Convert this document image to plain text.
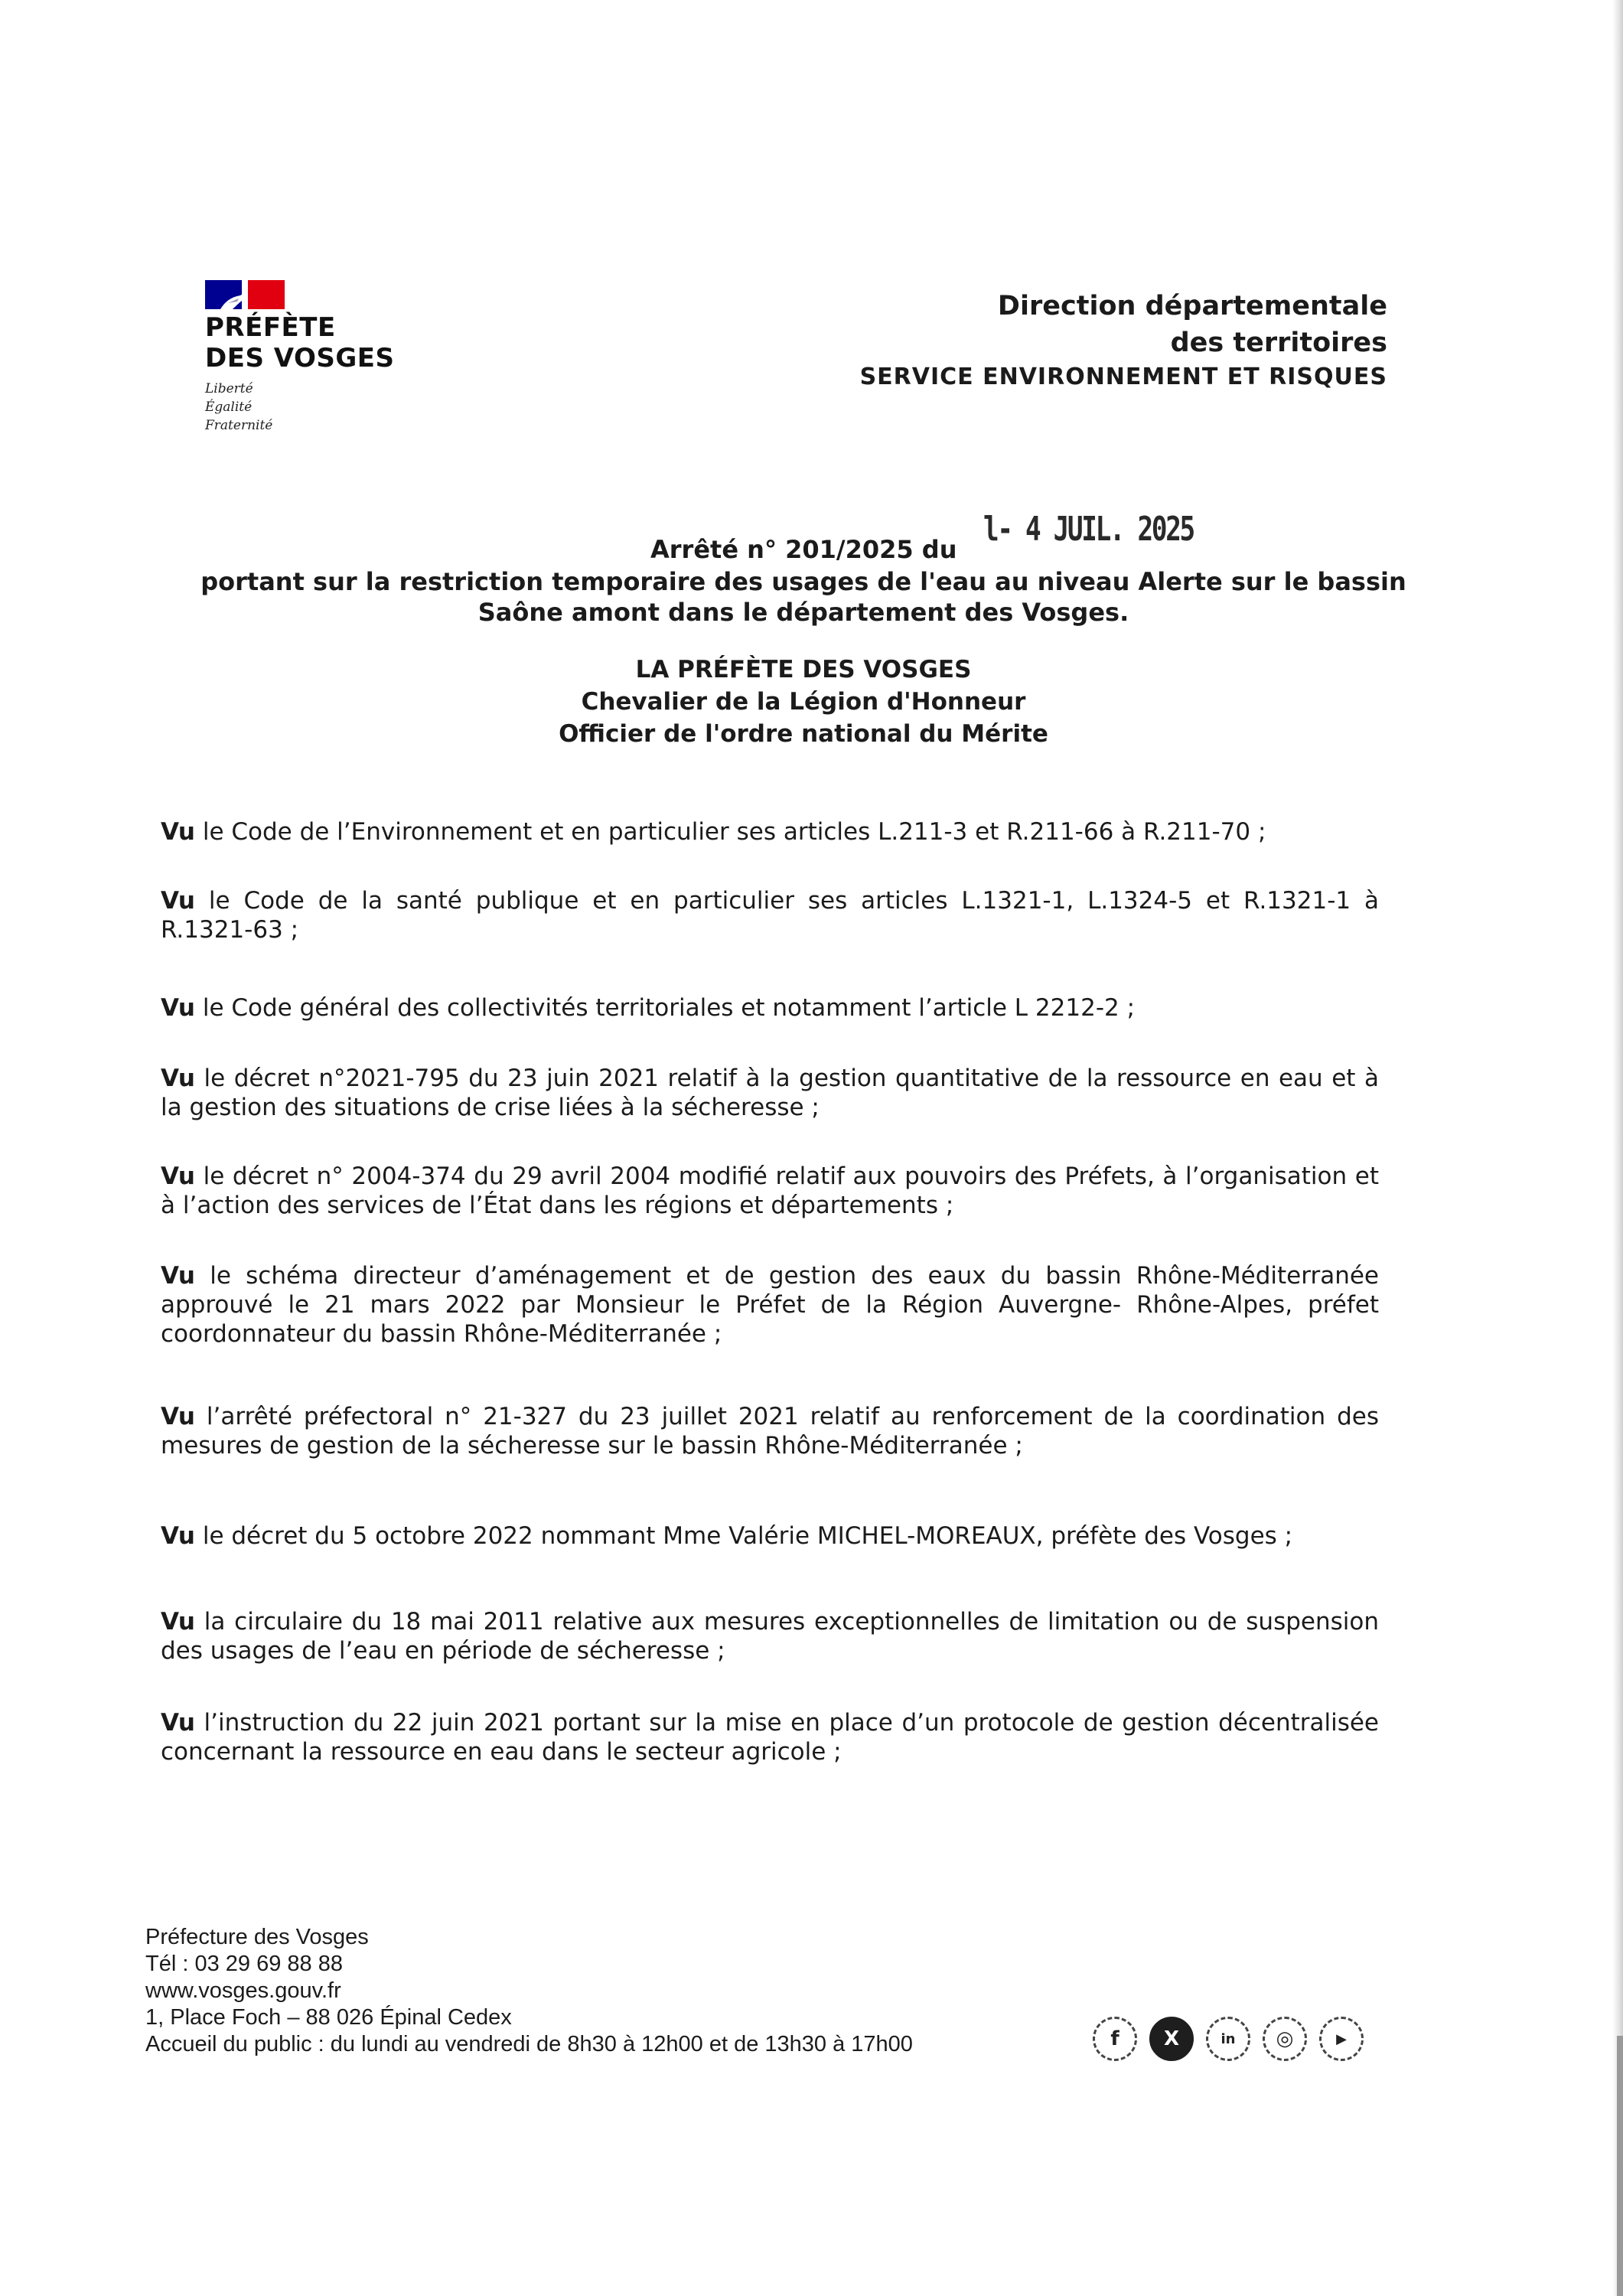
PRÉFÈTE
DES VOSGES
Liberté
Égalité
Fraternité
Direction départementale
des territoires
SERVICE ENVIRONNEMENT ET RISQUES
Arrêté n° 201/2025 du
l- 4 JUIL. 2025
portant sur la restriction temporaire des usages de l'eau au niveau Alerte sur le bassin Saône amont dans le département des Vosges.
LA PRÉFÈTE DES VOSGES
Chevalier de la Légion d'Honneur
Officier de l'ordre national du Mérite

Vu le Code de l’Environnement et en particulier ses articles L.211-3 et R.211-66 à R.211-70 ;

Vu le Code de la santé publique et en particulier ses articles L.1321-1, L.1324-5 et R.1321-1 à R.1321-63 ;

Vu le Code général des collectivités territoriales et notamment l’article L 2212-2 ;

Vu le décret n°2021-795 du 23 juin 2021 relatif à la gestion quantitative de la ressource en eau et à la gestion des situations de crise liées à la sécheresse ;

Vu le décret n° 2004-374 du 29 avril 2004 modifié relatif aux pouvoirs des Préfets, à l’organisation et à l’action des services de l’État dans les régions et départements ;

Vu le schéma directeur d’aménagement et de gestion des eaux du bassin Rhône-Méditerranée approuvé le 21 mars 2022 par Monsieur le Préfet de la Région Auvergne- Rhône-Alpes, préfet coordonnateur du bassin Rhône-Méditerranée ;

Vu l’arrêté préfectoral n° 21-327 du 23 juillet 2021 relatif au renforcement de la coordination des mesures de gestion de la sécheresse sur le bassin Rhône-Méditerranée ;

Vu le décret du 5 octobre 2022 nommant Mme Valérie MICHEL-MOREAUX, préfète des Vosges ;

Vu la circulaire du 18 mai 2011 relative aux mesures exceptionnelles de limitation ou de suspension des usages de l’eau en période de sécheresse ;

Vu l’instruction du 22 juin 2021 portant sur la mise en place d’un protocole de gestion décentralisée concernant la ressource en eau dans le secteur agricole ;

Préfecture des Vosges
Tél : 03 29 69 88 88
www.vosges.gouv.fr
1, Place Foch – 88 026 Épinal Cedex
Accueil du public : du lundi au vendredi de 8h30 à 12h00 et de 13h30 à 17h00	f	X	in	◎	▶
